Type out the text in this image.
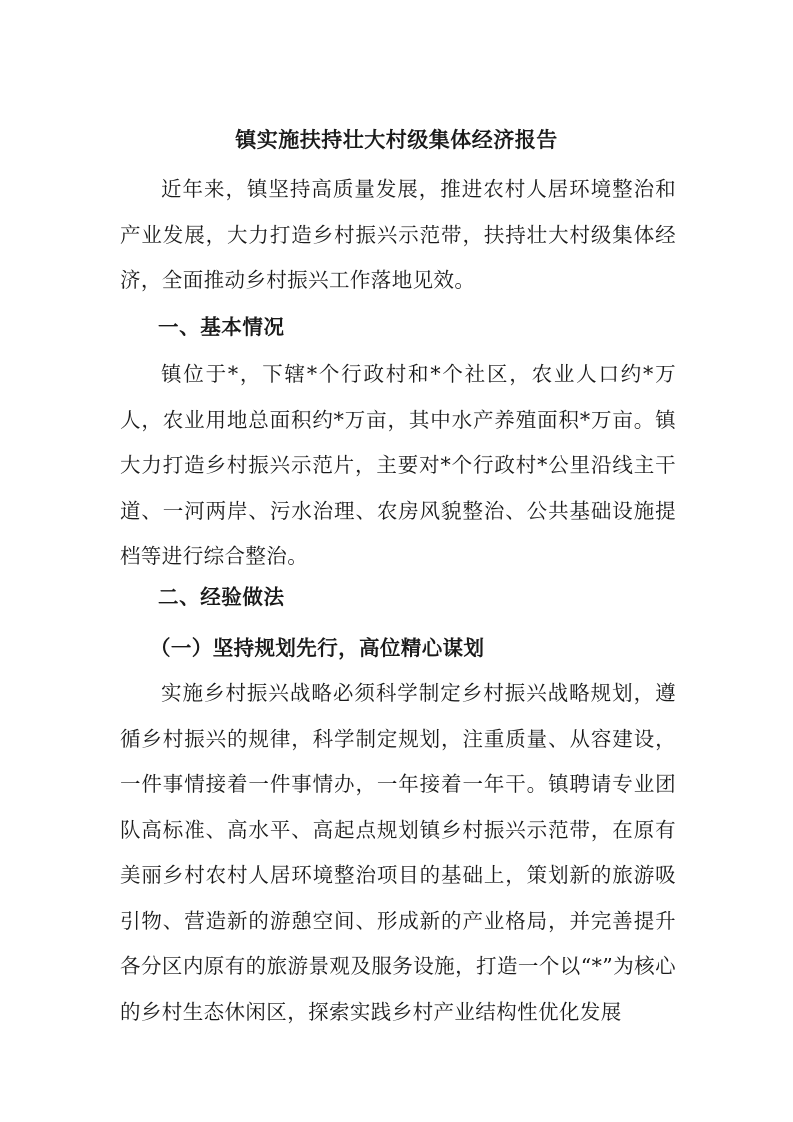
镇实施扶持壮大村级集体经济报告
近年来，镇坚持高质量发展，推进农村人居环境整治和产业发展，大力打造乡村振兴示范带，扶持壮大村级集体经济，全面推动乡村振兴工作落地见效。
一、基本情况
镇位于*，下辖*个行政村和*个社区，农业人口约*万人，农业用地总面积约*万亩，其中水产养殖面积*万亩。镇大力打造乡村振兴示范片，主要对*个行政村*公里沿线主干道、一河两岸、污水治理、农房风貌整治、公共基础设施提档等进行综合整治。
二、经验做法
（一）坚持规划先行，高位精心谋划
实施乡村振兴战略必须科学制定乡村振兴战略规划，遵循乡村振兴的规律，科学制定规划，注重质量、从容建设，一件事情接着一件事情办，一年接着一年干。镇聘请专业团队高标准、高水平、高起点规划镇乡村振兴示范带，在原有美丽乡村农村人居环境整治项目的基础上，策划新的旅游吸引物、营造新的游憩空间、形成新的产业格局，并完善提升各分区内原有的旅游景观及服务设施，打造一个以“*”为核心的乡村生态休闲区，探索实践乡村产业结构性优化发展
